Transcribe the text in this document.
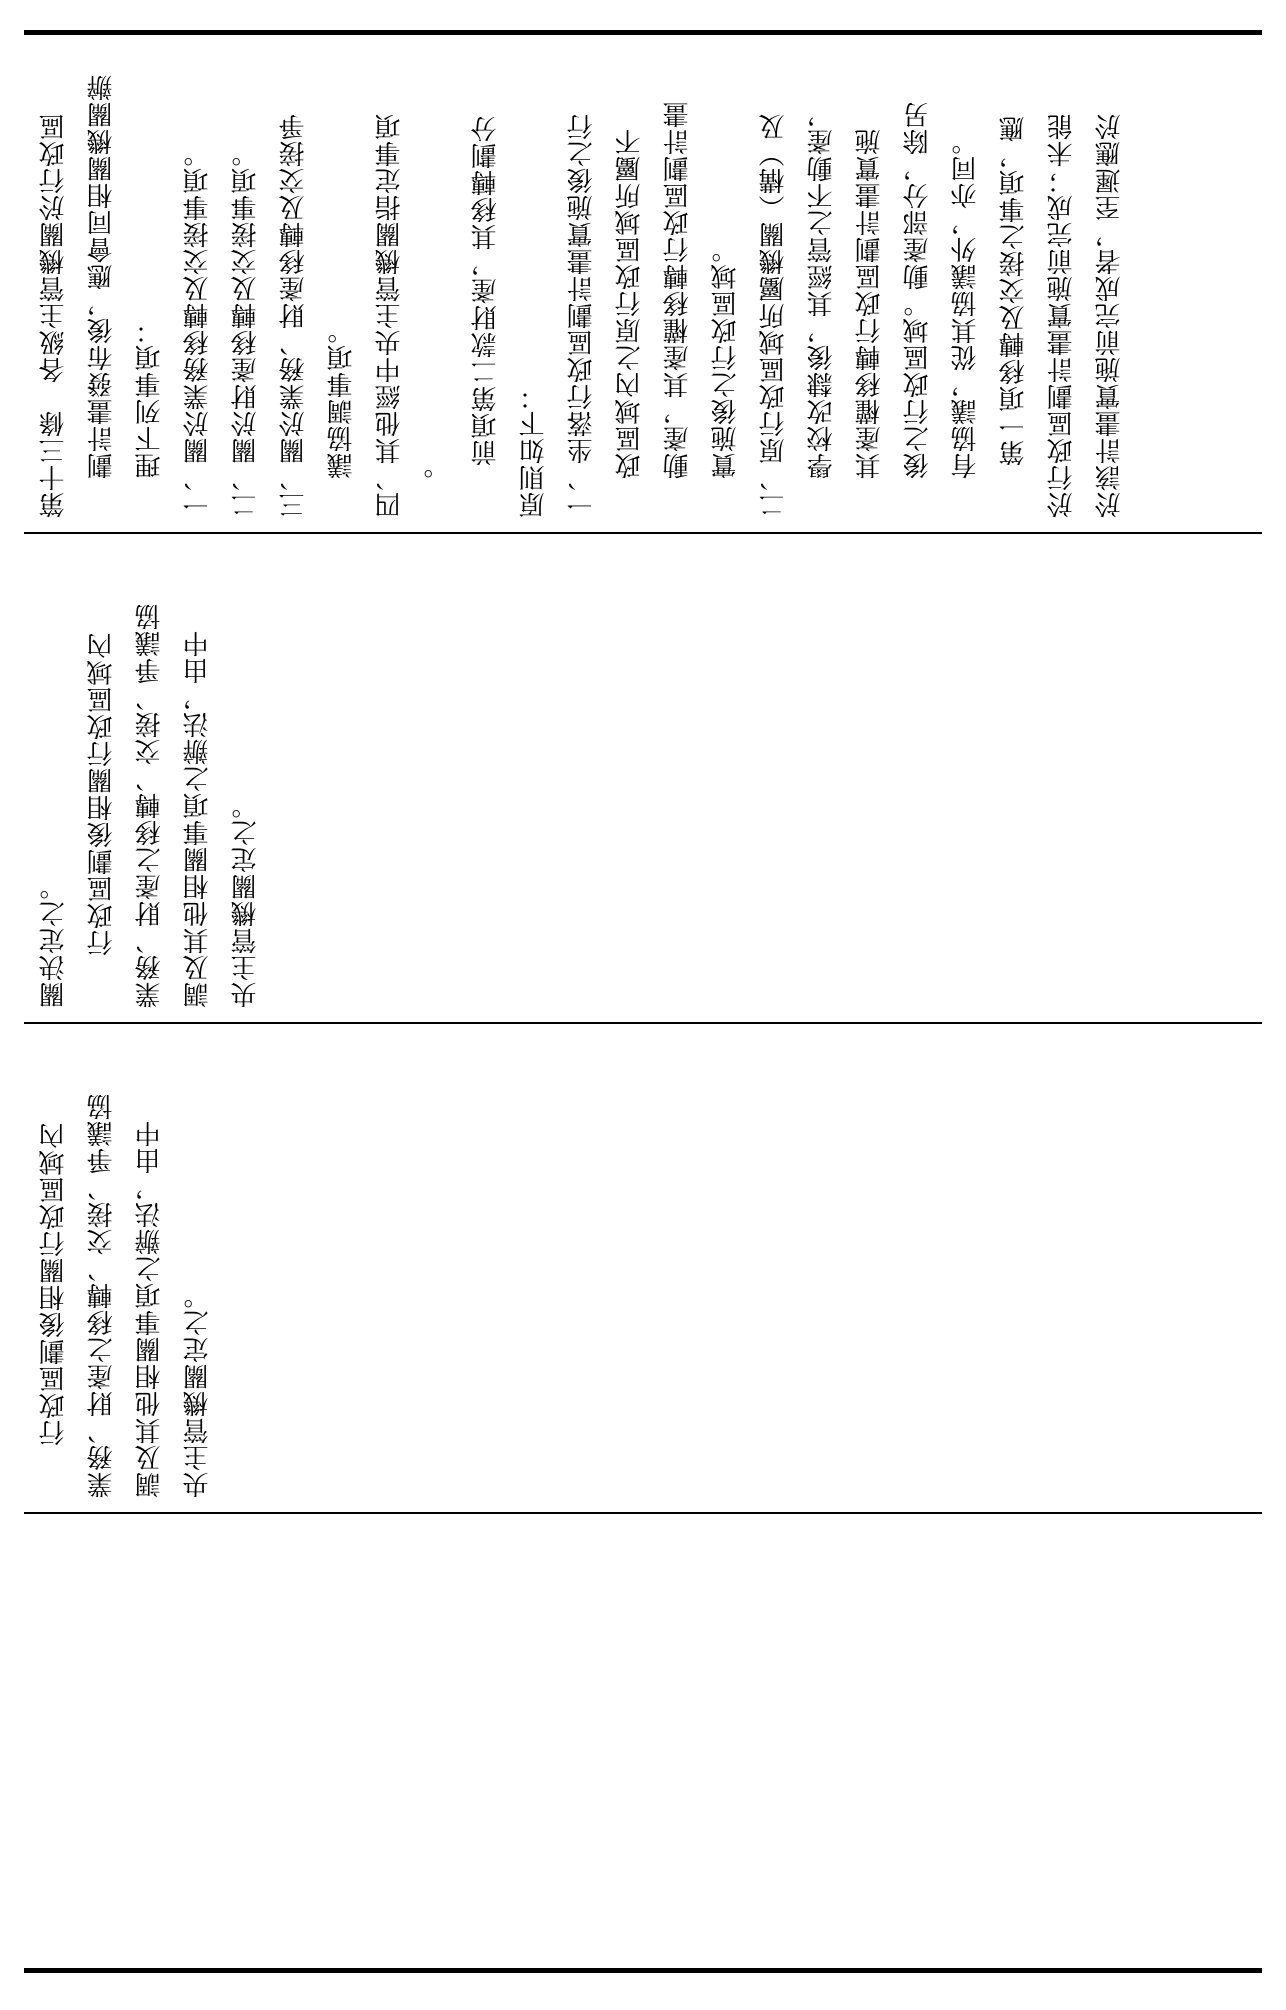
第十三條　各級主管機關於行政區 劃計畫發布後，應會同相關機關辦 理下列事項： 一、關於業務移轉及交接事項。 二、關於財產移轉及交接事項。 三、關於業務、財產移轉及交接爭 議協調事項。 四、其他經中央主管機關指定事項 。 前項第二款財產，其移轉劃分 原則如下： 一、坐落行政區劃計畫實施後之行 政區域內之原行政區域所屬不 動產，其產權移轉行政區劃計畫 實施後之行政區域。 二、原行政區域所屬機關（構）及 學校改隸後，其經管之不動產， 其產權移轉行政區劃計畫實施 後之行政區域。動產部分，除另 有協議，從其協議外，亦同。 第一項移轉及交接之事項，應 於行政區劃計畫實施前完成；未能 於該計畫實施前完成者，至遲應於
關決定之。 行政區劃後相關行政區域內 業務、財產之移轉、交接、爭議協 調及其他相關事項之辦法，由中 央主管機關定之。
行政區劃後相關行政區域內 業務、財產之移轉、交接、爭議協 調及其他相關事項之辦法，由中 央主管機關定之。
